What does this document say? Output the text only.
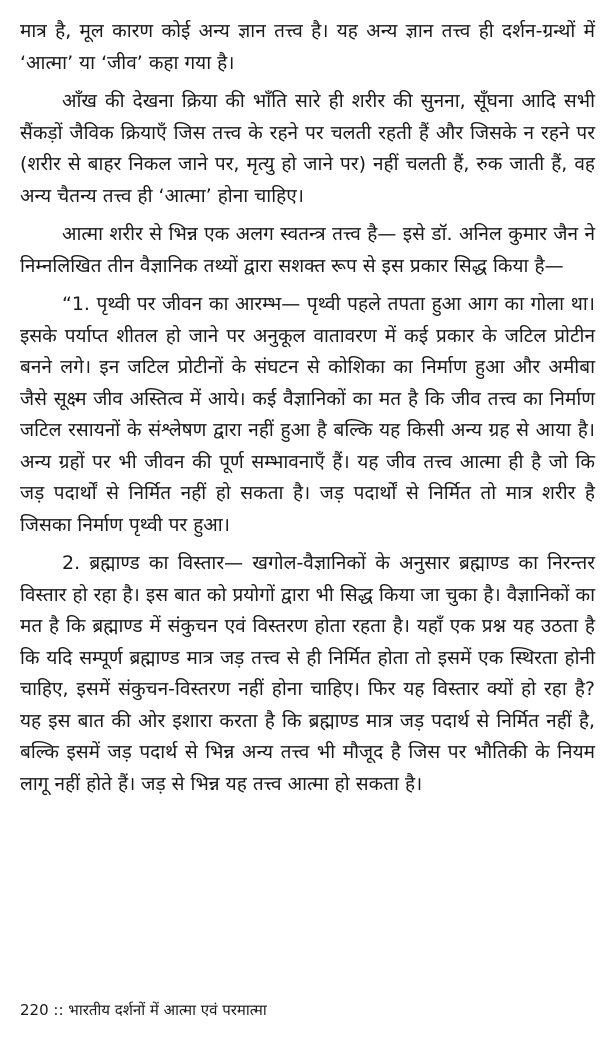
मात्र है, मूल कारण कोई अन्य ज्ञान तत्त्व है। यह अन्य ज्ञान तत्त्व ही दर्शन-ग्रन्थों में ‘आत्मा’ या ‘जीव’ कहा गया है।

आँख की देखना क्रिया की भाँति सारे ही शरीर की सुनना, सूँघना आदि सभी सैंकड़ों जैविक क्रियाएँ जिस तत्त्व के रहने पर चलती रहती हैं और जिसके न रहने पर (शरीर से बाहर निकल जाने पर, मृत्यु हो जाने पर) नहीं चलती हैं, रुक जाती हैं, वह अन्य चैतन्य तत्त्व ही ‘आत्मा’ होना चाहिए।

आत्मा शरीर से भिन्न एक अलग स्वतन्त्र तत्त्व है— इसे डॉ. अनिल कुमार जैन ने निम्नलिखित तीन वैज्ञानिक तथ्यों द्वारा सशक्त रूप से इस प्रकार सिद्ध किया है—

“1. पृथ्वी पर जीवन का आरम्भ— पृथ्वी पहले तपता हुआ आग का गोला था। इसके पर्याप्त शीतल हो जाने पर अनुकूल वातावरण में कई प्रकार के जटिल प्रोटीन बनने लगे। इन जटिल प्रोटीनों के संघटन से कोशिका का निर्माण हुआ और अमीबा जैसे सूक्ष्म जीव अस्तित्व में आये। कई वैज्ञानिकों का मत है कि जीव तत्त्व का निर्माण जटिल रसायनों के संश्लेषण द्वारा नहीं हुआ है बल्कि यह किसी अन्य ग्रह से आया है। अन्य ग्रहों पर भी जीवन की पूर्ण सम्भावनाएँ हैं। यह जीव तत्त्व आत्मा ही है जो कि जड़ पदार्थों से निर्मित नहीं हो सकता है। जड़ पदार्थों से निर्मित तो मात्र शरीर है जिसका निर्माण पृथ्वी पर हुआ।

2. ब्रह्माण्ड का विस्तार— खगोल-वैज्ञानिकों के अनुसार ब्रह्माण्ड का निरन्तर विस्तार हो रहा है। इस बात को प्रयोगों द्वारा भी सिद्ध किया जा चुका है। वैज्ञानिकों का मत है कि ब्रह्माण्ड में संकुचन एवं विस्तरण होता रहता है। यहाँ एक प्रश्न यह उठता है कि यदि सम्पूर्ण ब्रह्माण्ड मात्र जड़ तत्त्व से ही निर्मित होता तो इसमें एक स्थिरता होनी चाहिए, इसमें संकुचन-विस्तरण नहीं होना चाहिए। फिर यह विस्तार क्यों हो रहा है? यह इस बात की ओर इशारा करता है कि ब्रह्माण्ड मात्र जड़ पदार्थ से निर्मित नहीं है, बल्कि इसमें जड़ पदार्थ से भिन्न अन्य तत्त्व भी मौजूद है जिस पर भौतिकी के नियम लागू नहीं होते हैं। जड़ से भिन्न यह तत्त्व आत्मा हो सकता है।

220 :: भारतीय दर्शनों में आत्मा एवं परमात्मा
